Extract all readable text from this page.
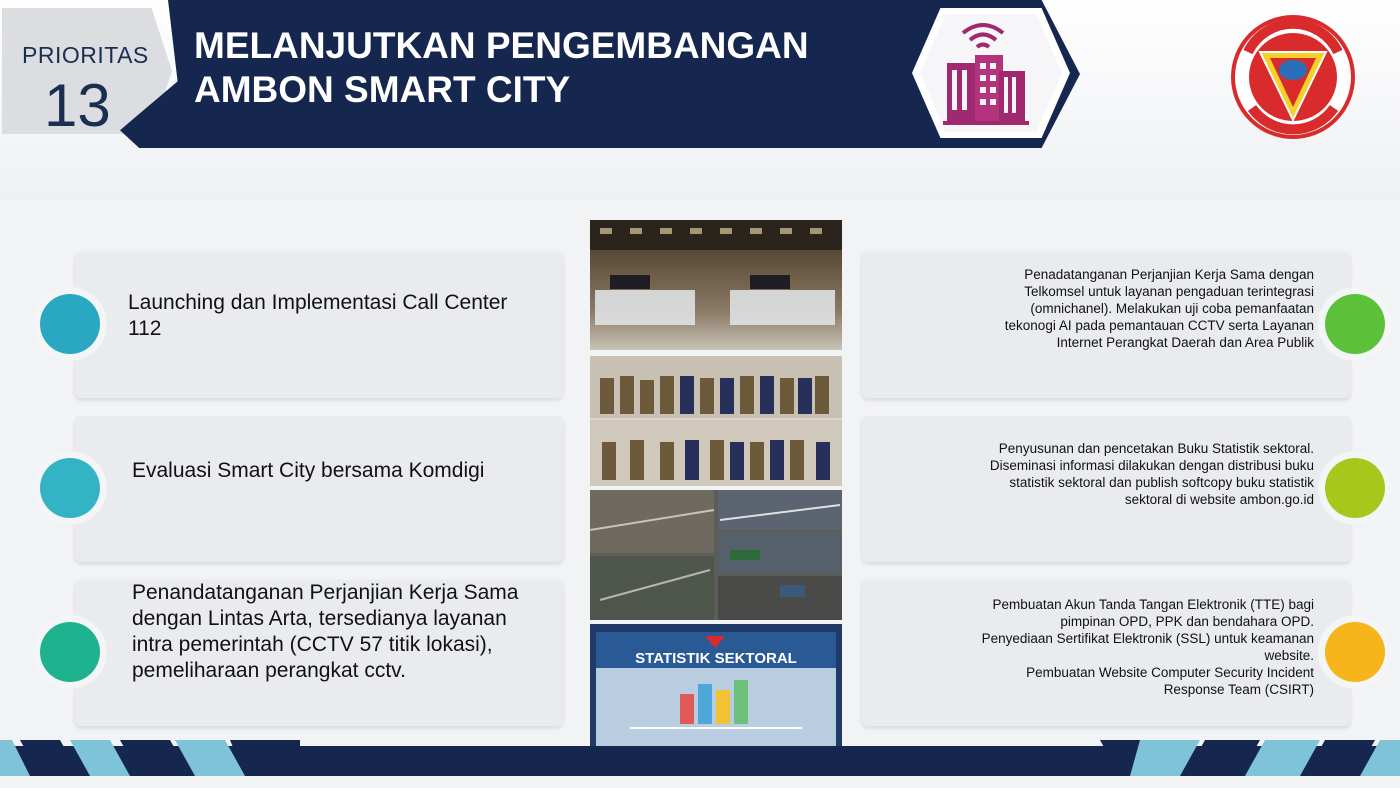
PRIORITAS
13
MELANJUTKAN PENGEMBANGAN
AMBON SMART CITY
Launching dan Implementasi Call Center 112
Evaluasi Smart City bersama Komdigi
Penandatanganan Perjanjian Kerja Sama dengan Lintas Arta, tersedianya layanan intra pemerintah (CCTV 57 titik lokasi), pemeliharaan perangkat cctv.
Penadatanganan Perjanjian Kerja Sama dengan
Telkomsel untuk layanan pengaduan terintegrasi
(omnichanel). Melakukan uji coba pemanfaatan
tekonogi AI pada pemantauan CCTV serta Layanan
Internet Perangkat Daerah dan Area Publik
Penyusunan dan pencetakan Buku Statistik sektoral.
Diseminasi informasi dilakukan dengan distribusi buku
statistik sektoral dan publish softcopy buku statistik
sektoral di website ambon.go.id
Pembuatan Akun Tanda Tangan Elektronik (TTE) bagi
pimpinan OPD, PPK dan bendahara OPD.
Penyediaan Sertifikat Elektronik (SSL) untuk keamanan
website.
Pembuatan Website Computer Security Incident
Response Team (CSIRT)
STATISTIK SEKTORAL
